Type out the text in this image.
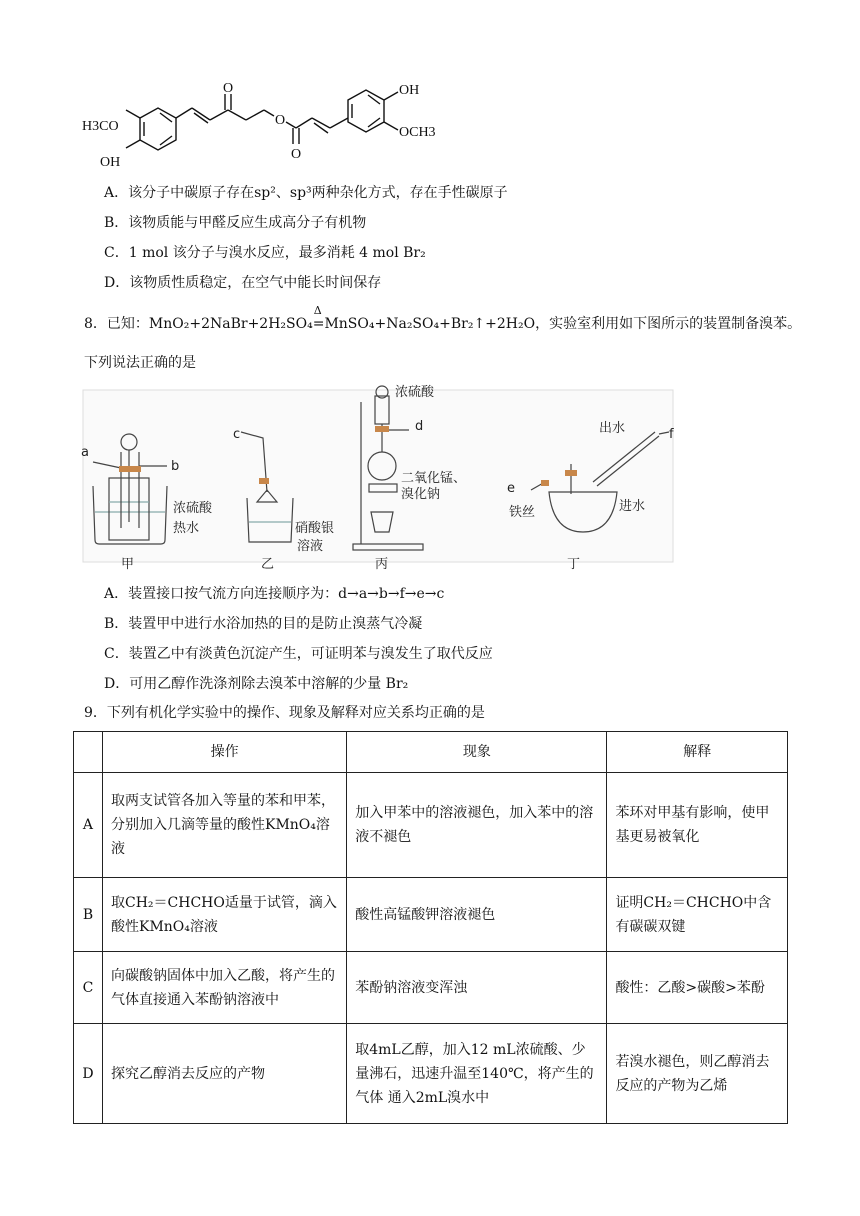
O
O
O
OH
OH
H3CO	OCH3
A．该分子中碳原子存在sp²、sp³两种杂化方式，存在手性碳原子
B．该物质能与甲醛反应生成高分子有机物
C．1 mol 该分子与溴水反应，最多消耗 4 mol Br₂
D．该物质性质稳定，在空气中能长时间保存
8．已知：MnO₂+2NaBr+2H₂SO₄
Δ
=MnSO₄+Na₂SO₄+Br₂↑+2H₂O，实验室利用如下图所示的装置制备溴苯。
下列说法正确的是
a
b
浓硫酸
热水
甲
c
硝酸银
溶液
乙
d
浓硫酸
二氧化锰、
溴化钠
丙
e
f
出水
进水
铁丝
丁
A．装置接口按气流方向连接顺序为：d→a→b→f→e→c
B．装置甲中进行水浴加热的目的是防止溴蒸气冷凝
C．装置乙中有淡黄色沉淀产生，可证明苯与溴发生了取代反应
D．可用乙醇作洗涤剂除去溴苯中溶解的少量 Br₂
9．下列有机化学实验中的操作、现象及解释对应关系均正确的是
	操作	现象	解释
A	取两支试管各加入等量的苯和甲苯，分别加入几滴等量的酸性KMnO₄溶液	加入甲苯中的溶液褪色，加入苯中的溶液不褪色	苯环对甲基有影响，使甲基更易被氧化
B	取CH₂＝CHCHO适量于试管，滴入酸性KMnO₄溶液	酸性高锰酸钾溶液褪色	证明CH₂＝CHCHO中含有碳碳双键
C	向碳酸钠固体中加入乙酸，将产生的气体直接通入苯酚钠溶液中	苯酚钠溶液变浑浊	酸性：乙酸>碳酸>苯酚
D	探究乙醇消去反应的产物	取4mL乙醇，加入12 mL浓硫酸、少量沸石，迅速升温至140℃，将产生的气体 通入2mL溴水中	若溴水褪色，则乙醇消去反应的产物为乙烯
